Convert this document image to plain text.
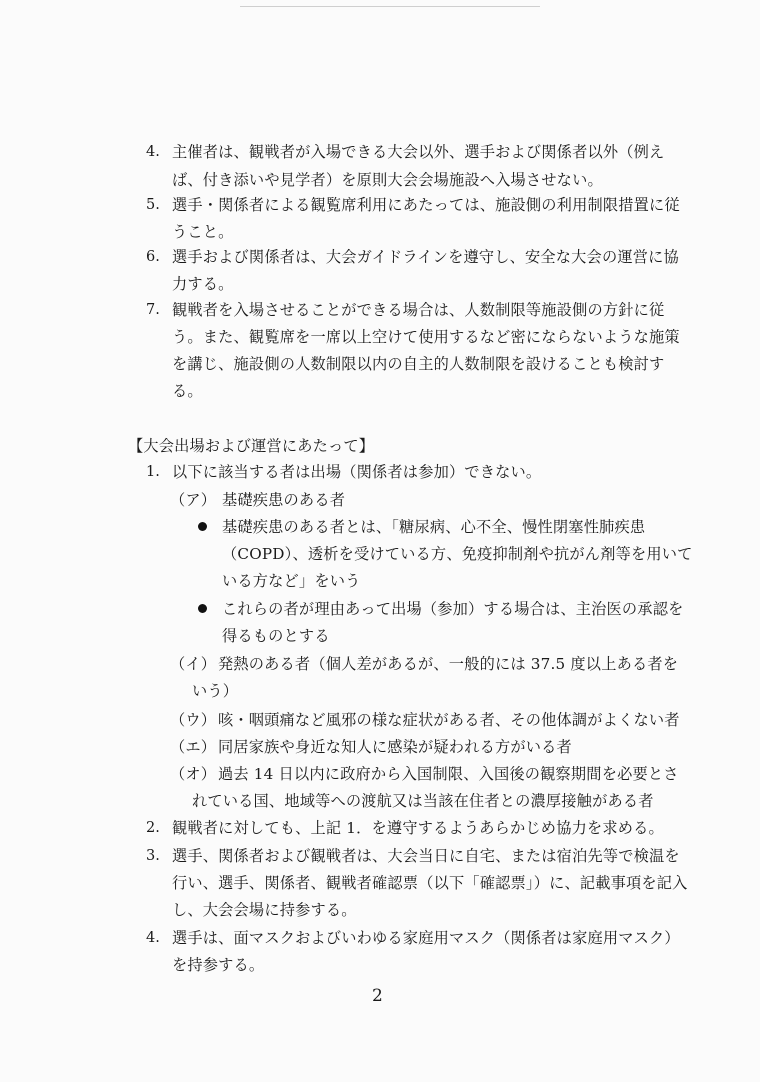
4. 主催者は、観戦者が入場できる大会以外、選手および関係者以外（例え
ば、付き添いや見学者）を原則大会会場施設へ入場させない。
5. 選手・関係者による観覧席利用にあたっては、施設側の利用制限措置に従
うこと。
6. 選手および関係者は、大会ガイドラインを遵守し、安全な大会の運営に協
力する。
7. 観戦者を入場させることができる場合は、人数制限等施設側の方針に従
う。また、観覧席を一席以上空けて使用するなど密にならないような施策
を講じ、施設側の人数制限以内の自主的人数制限を設けることも検討す
る。
【大会出場および運営にあたって】
1. 以下に該当する者は出場（関係者は参加）できない。
（ア） 基礎疾患のある者
基礎疾患のある者とは、「糖尿病、心不全、慢性閉塞性肺疾患
（COPD）、透析を受けている方、免疫抑制剤や抗がん剤等を用いて
いる方など」をいう
これらの者が理由あって出場（参加）する場合は、主治医の承認を
得るものとする
（イ） 発熱のある者（個人差があるが、一般的には 37.5 度以上ある者を
いう）
（ウ） 咳・咽頭痛など風邪の様な症状がある者、その他体調がよくない者
（エ） 同居家族や身近な知人に感染が疑われる方がいる者
（オ） 過去 14 日以内に政府から入国制限、入国後の観察期間を必要とさ
れている国、地域等への渡航又は当該在住者との濃厚接触がある者
2. 観戦者に対しても、上記 1．を遵守するようあらかじめ協力を求める。
3. 選手、関係者および観戦者は、大会当日に自宅、または宿泊先等で検温を
行い、選手、関係者、観戦者確認票（以下「確認票」）に、記載事項を記入
し、大会会場に持参する。
4. 選手は、面マスクおよびいわゆる家庭用マスク（関係者は家庭用マスク）
を持参する。
2
